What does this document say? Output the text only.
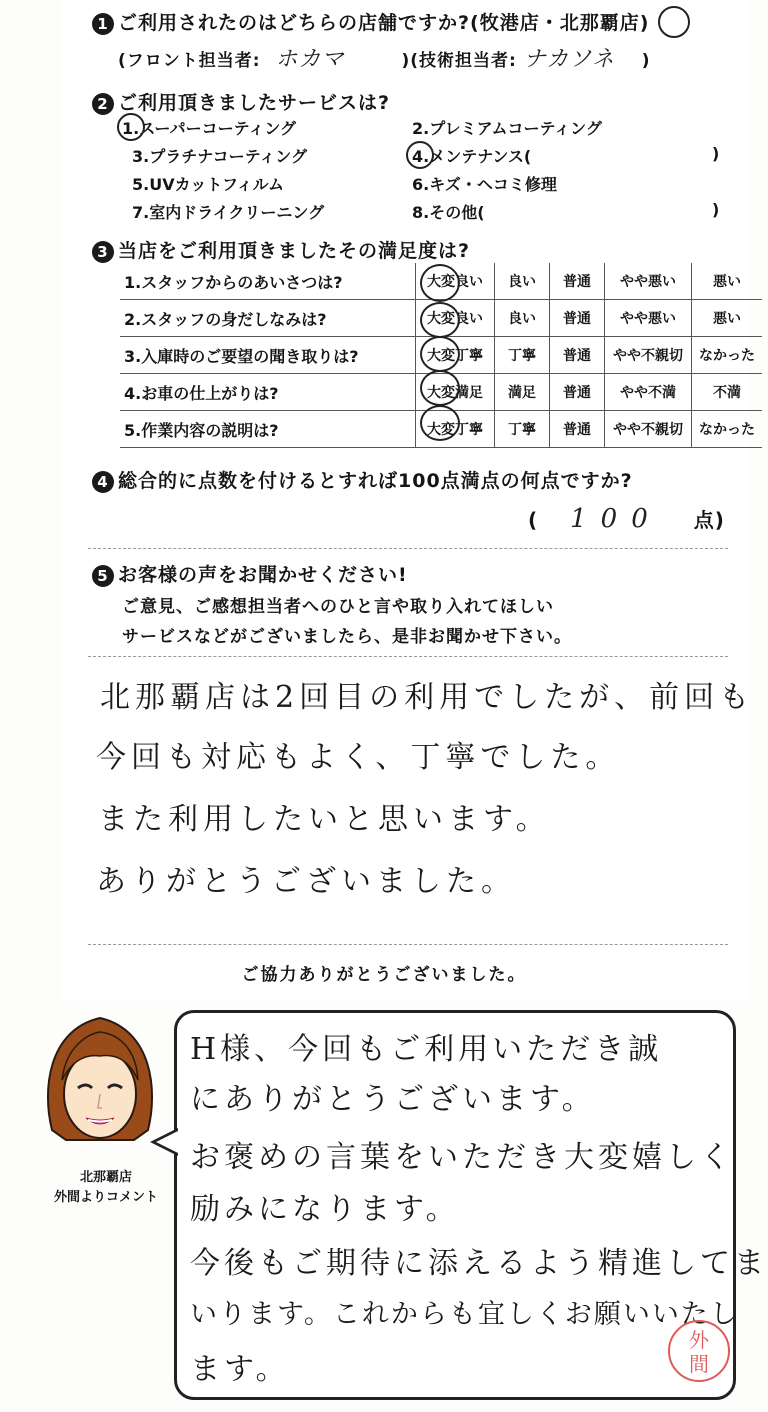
1 ご利用されたのはどちらの店舗ですか?(牧港店・北那覇店)
(フロント担当者: ホカマ	)(技術担当者: ナカソネ )
2 ご利用頂きましたサービスは?
1.スーパーコーティング	2.プレミアムコーティング
3.プラチナコーティング	4.メンテナンス(	)
5.UVカットフィルム	6.キズ・ヘコミ修理
7.室内ドライクリーニング	8.その他(	)
3 当店をご利用頂きましたその満足度は?
1.スタッフからのあいさつは?	大変良い	良い	普通	やや悪い	悪い
2.スタッフの身だしなみは?	大変良い	良い	普通	やや悪い	悪い
3.入庫時のご要望の聞き取りは?	大変丁寧	丁寧	普通	やや不親切	なかった
4.お車の仕上がりは?	大変満足	満足	普通	やや不満	不満
5.作業内容の説明は?	大変丁寧	丁寧	普通	やや不親切	なかった
4 総合的に点数を付けるとすれば100点満点の何点ですか?
( 100 点)
5 お客様の声をお聞かせください!
ご意見、ご感想担当者へのひと言や取り入れてほしい
サービスなどがございましたら、是非お聞かせ下さい。
北那覇店は2回目の利用でしたが、前回も
今回も対応もよく、丁寧でした。
また利用したいと思います。
ありがとうございました。
ご協力ありがとうございました。
北那覇店
外間よりコメント
H様、今回もご利用いただき誠
にありがとうございます。
お褒めの言葉をいただき大変嬉しく
励みになります。
今後もご期待に添えるよう精進してま
いります。これからも宜しくお願いいたし
ます。
外
間
